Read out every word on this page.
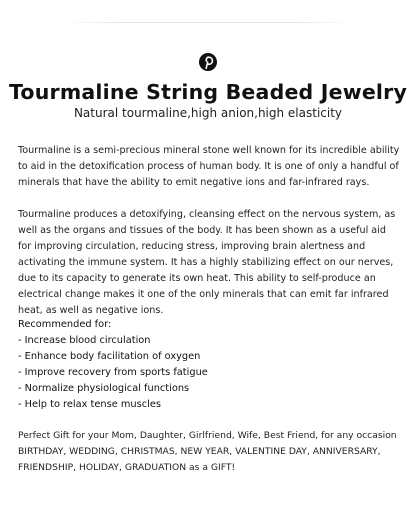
Tourmaline String Beaded Jewelry
Natural tourmaline,high anion,high elasticity
Tourmaline is a semi-precious mineral stone well known for its incredible ability to aid in the detoxification process of human body. It is one of only a handful of minerals that have the ability to emit negative ions and far-infrared rays.
Tourmaline produces a detoxifying, cleansing effect on the nervous system, as well as the organs and tissues of the body. It has been shown as a useful aid for improving circulation, reducing stress, improving brain alertness and activating the immune system. It has a highly stabilizing effect on our nerves, due to its capacity to generate its own heat. This ability to self-produce an electrical change makes it one of the only minerals that can emit far infrared heat, as well as negative ions.
Recommended for:
- Increase blood circulation
- Enhance body facilitation of oxygen
- Improve recovery from sports fatigue
- Normalize physiological functions
- Help to relax tense muscles
Perfect Gift for your Mom, Daughter, Girlfriend, Wife, Best Friend, for any occasion
BIRTHDAY, WEDDING, CHRISTMAS, NEW YEAR, VALENTINE DAY, ANNIVERSARY,
FRIENDSHIP, HOLIDAY, GRADUATION as a GIFT!
